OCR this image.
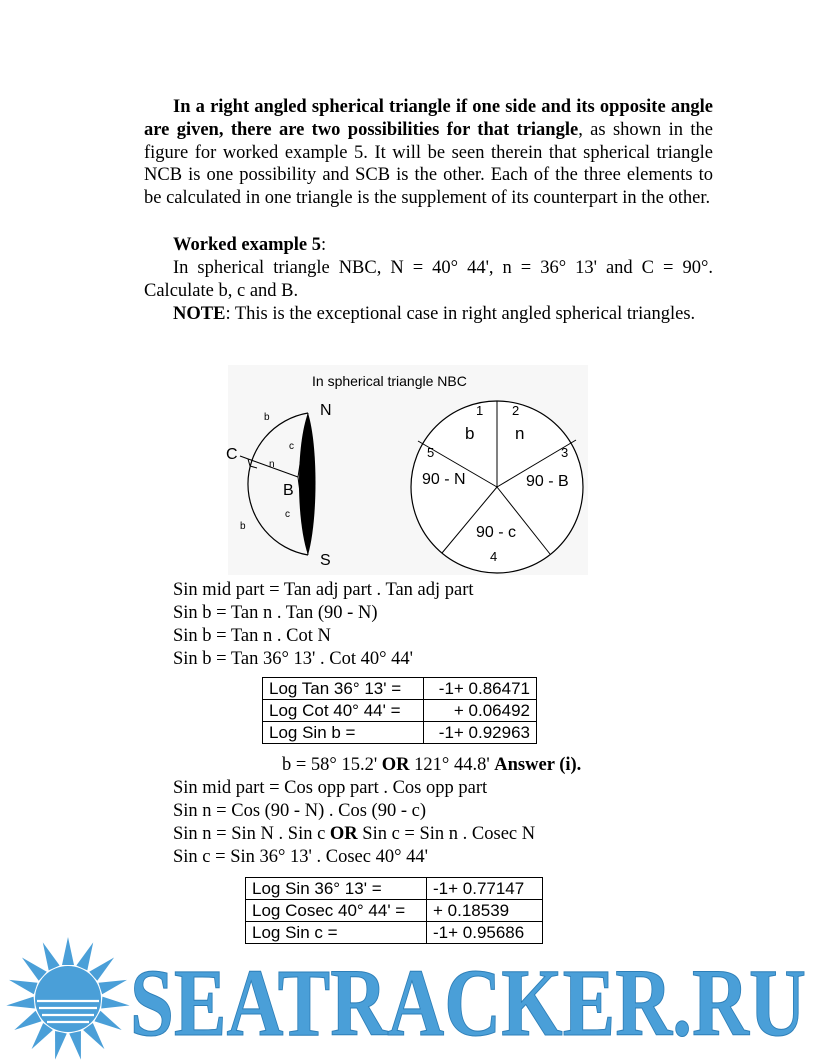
In a right angled spherical triangle if one side and its opposite angle are given, there are two possibilities for that triangle, as shown in the figure for worked example 5. It will be seen therein that spherical triangle NCB is one possibility and SCB is the other. Each of the three elements to be calculated in one triangle is the supplement of its counterpart in the other.

Worked example 5:

In spherical triangle NBC, N = 40° 44', n = 36° 13' and C = 90°. Calculate b, c and B.

NOTE: This is the exceptional case in right angled spherical triangles.

In spherical triangle NBC
N
S
C
B
b
b
c
c
n
1 2
3
4
5
b n
90 - B
90 - c
90 - N
Sin mid part = Tan adj part . Tan adj part
Sin b = Tan n . Tan (90 - N)
Sin b = Tan n . Cot N
Sin b = Tan 36° 13' . Cot 40° 44'
Log Tan 36° 13' =	-1+ 0.86471
Log Cot 40° 44' =	+ 0.06492
Log Sin b =	-1+ 0.92963
b = 58° 15.2' OR 121° 44.8' Answer (i).
Sin mid part = Cos opp part . Cos opp part
Sin n = Cos (90 - N) . Cos (90 - c)
Sin n = Sin N . Sin c OR Sin c = Sin n . Cosec N
Sin c = Sin 36° 13' . Cosec 40° 44'
Log Sin 36° 13' =	-1+ 0.77147
Log Cosec 40° 44' =	+ 0.18539
Log Sin c =	-1+ 0.95686
SEATRACKER.RU
